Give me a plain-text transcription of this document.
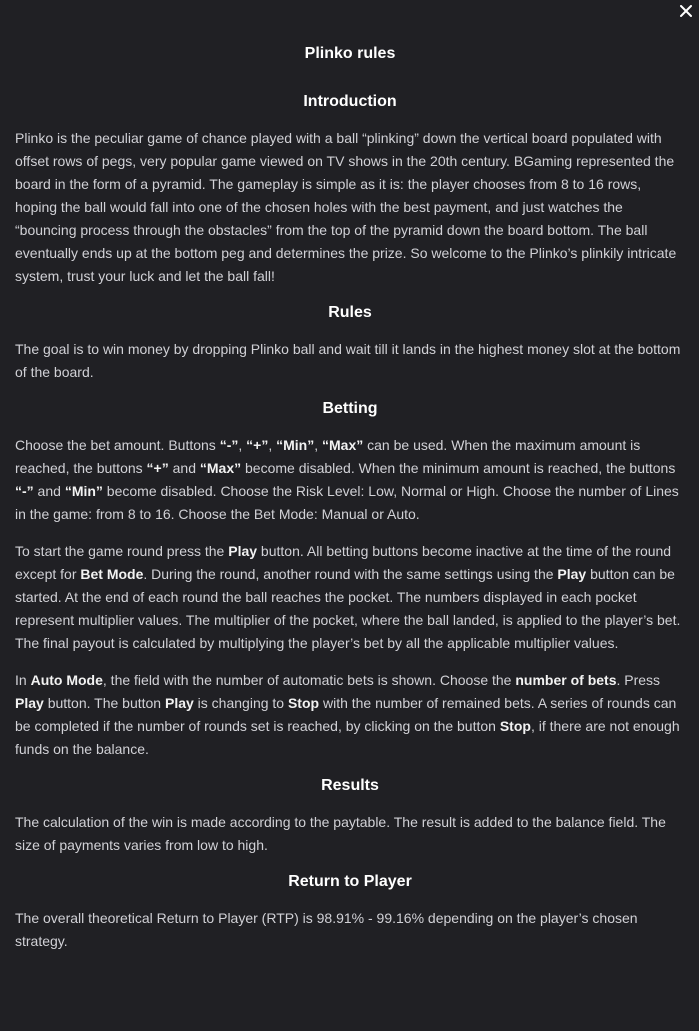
Plinko rules
Introduction

Plinko is the peculiar game of chance played with a ball “plinking” down the vertical board populated with offset rows of pegs, very popular game viewed on TV shows in the 20th century. BGaming represented the board in the form of a pyramid. The gameplay is simple as it is: the player chooses from 8 to 16 rows, hoping the ball would fall into one of the chosen holes with the best payment, and just watches the “bouncing process through the obstacles” from the top of the pyramid down the board bottom. The ball eventually ends up at the bottom peg and determines the prize. So welcome to the Plinko’s plinkily intricate system, trust your luck and let the ball fall!

Rules

The goal is to win money by dropping Plinko ball and wait till it lands in the highest money slot at the bottom of the board.

Betting

Choose the bet amount. Buttons “-”, “+”, “Min”, “Max” can be used. When the maximum amount is reached, the buttons “+” and “Max” become disabled. When the minimum amount is reached, the buttons “-” and “Min” become disabled. Choose the Risk Level: Low, Normal or High. Choose the number of Lines in the game: from 8 to 16. Choose the Bet Mode: Manual or Auto.

To start the game round press the Play button. All betting buttons become inactive at the time of the round except for Bet Mode. During the round, another round with the same settings using the Play button can be started. At the end of each round the ball reaches the pocket. The numbers displayed in each pocket represent multiplier values. The multiplier of the pocket, where the ball landed, is applied to the player’s bet. The final payout is calculated by multiplying the player’s bet by all the applicable multiplier values.

In Auto Mode, the field with the number of automatic bets is shown. Choose the number of bets. Press Play button. The button Play is changing to Stop with the number of remained bets. A series of rounds can be completed if the number of rounds set is reached, by clicking on the button Stop, if there are not enough funds on the balance.

Results

The calculation of the win is made according to the paytable. The result is added to the balance field. The size of payments varies from low to high.

Return to Player

The overall theoretical Return to Player (RTP) is 98.91% - 99.16% depending on the player’s chosen strategy.
